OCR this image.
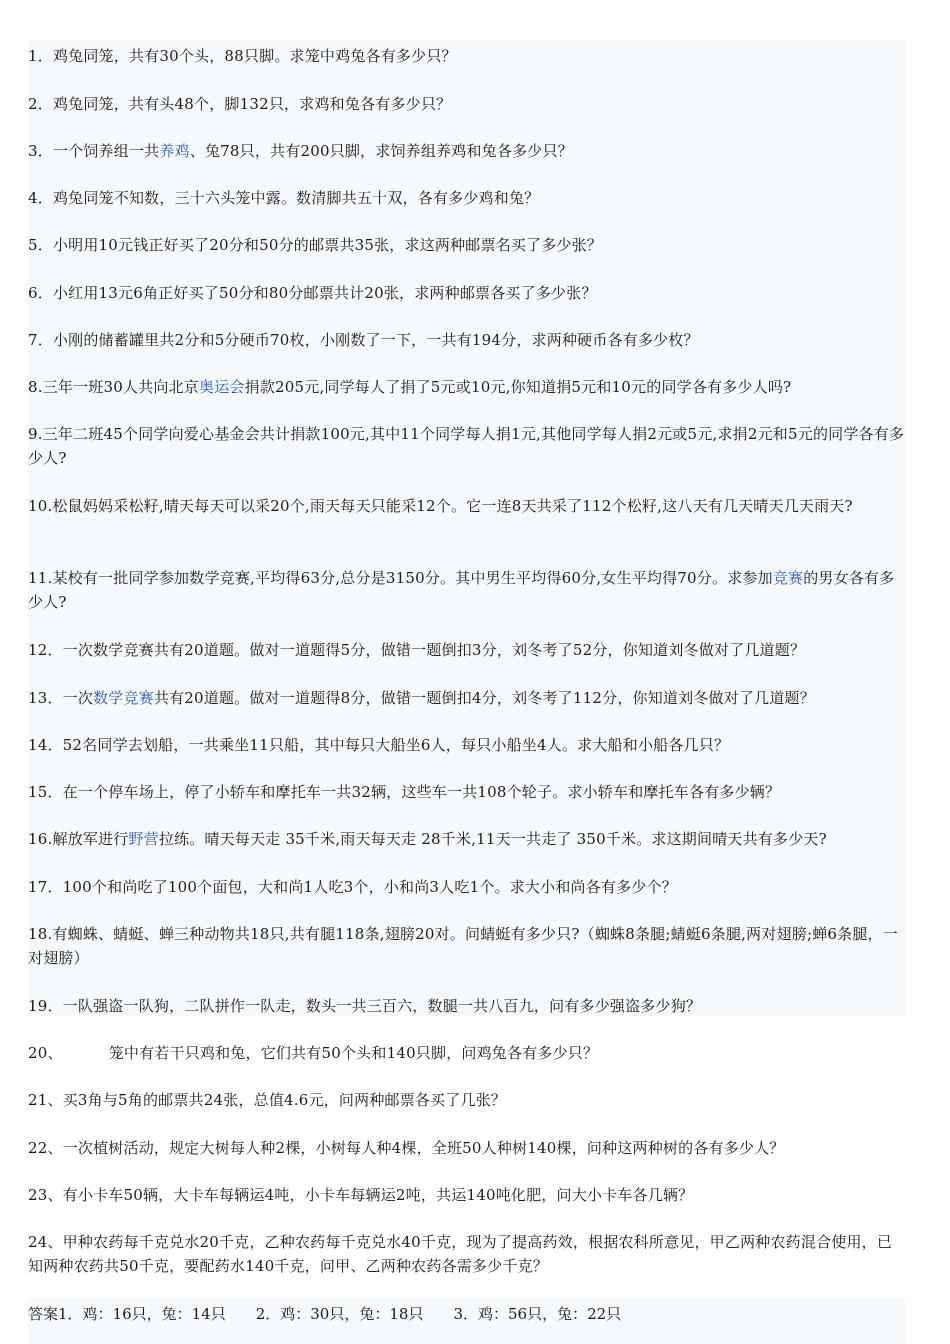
1．鸡兔同笼，共有30个头，88只脚。求笼中鸡兔各有多少只？
2．鸡兔同笼，共有头48个，脚132只，求鸡和兔各有多少只？
3．一个饲养组一共养鸡、兔78只，共有200只脚，求饲养组养鸡和兔各多少只？
4．鸡兔同笼不知数，三十六头笼中露。数清脚共五十双，各有多少鸡和兔？
5．小明用10元钱正好买了20分和50分的邮票共35张，求这两种邮票名买了多少张？
6．小红用13元6角正好买了50分和80分邮票共计20张，求两种邮票各买了多少张？
7．小刚的储蓄罐里共2分和5分硬币70枚，小刚数了一下，一共有194分，求两种硬币各有多少枚？
8.三年一班30人共向北京奥运会捐款205元,同学每人了捐了5元或10元,你知道捐5元和10元的同学各有多少人吗?
9.三年二班45个同学向爱心基金会共计捐款100元,其中11个同学每人捐1元,其他同学每人捐2元或5元,求捐2元和5元的同学各有多少人?
10.松鼠妈妈采松籽,晴天每天可以采20个,雨天每天只能采12个。它一连8天共采了112个松籽,这八天有几天晴天几天雨天?
11.某校有一批同学参加数学竞赛,平均得63分,总分是3150分。其中男生平均得60分,女生平均得70分。求参加竞赛的男女各有多少人?
12．一次数学竞赛共有20道题。做对一道题得5分，做错一题倒扣3分，刘冬考了52分，你知道刘冬做对了几道题？
13．一次数学竞赛共有20道题。做对一道题得8分，做错一题倒扣4分，刘冬考了112分，你知道刘冬做对了几道题？
14．52名同学去划船，一共乘坐11只船，其中每只大船坐6人，每只小船坐4人。求大船和小船各几只？
15．在一个停车场上，停了小轿车和摩托车一共32辆，这些车一共108个轮子。求小轿车和摩托车各有多少辆？
16.解放军进行野营拉练。晴天每天走 35千米,雨天每天走 28千米,11天一共走了 350千米。求这期间晴天共有多少天?
17．100个和尚吃了100个面包，大和尚1人吃3个，小和尚3人吃1个。求大小和尚各有多少个？
18.有蜘蛛、蜻蜓、蝉三种动物共18只,共有腿118条,翅膀20对。问蜻蜓有多少只?（蜘蛛8条腿;蜻蜓6条腿,两对翅膀;蝉6条腿，一对翅膀）
19．一队强盗一队狗，二队拼作一队走，数头一共三百六，数腿一共八百九，问有多少强盗多少狗？
20、	笼中有若干只鸡和兔，它们共有50个头和140只脚，问鸡兔各有多少只？
21、买3角与5角的邮票共24张，总值4.6元，问两种邮票各买了几张？
22、一次植树活动，规定大树每人种2棵，小树每人种4棵，全班50人种树140棵，问种这两种树的各有多少人？
23、有小卡车50辆，大卡车每辆运4吨，小卡车每辆运2吨，共运140吨化肥，问大小卡车各几辆？
24、甲种农药每千克兑水20千克，乙种农药每千克兑水40千克，现为了提高药效，根据农科所意见，甲乙两种农药混合使用，已知两种农药共50千克，要配药水140千克，问甲、乙两种农药各需多少千克？
答案1．鸡：16只，兔：14只 2．鸡：30只，兔：18只 3．鸡：56只，兔：22只
